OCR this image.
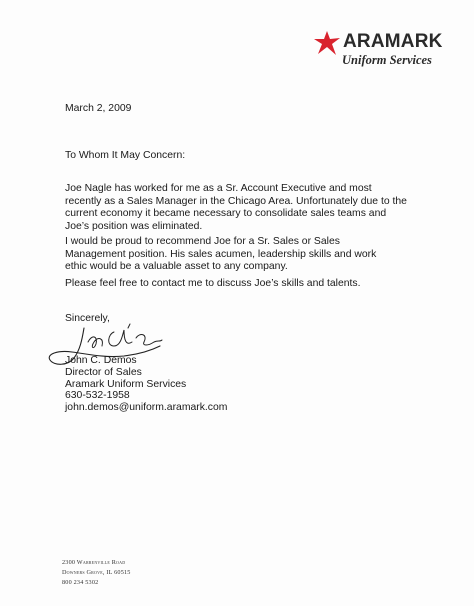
ARAMARK
Uniform Services
March 2, 2009
To Whom It May Concern:
Joe Nagle has worked for me as a Sr. Account Executive and most recently as a Sales Manager in the Chicago Area. Unfortunately due to the current economy it became necessary to consolidate sales teams and Joe’s position was eliminated.
I would be proud to recommend Joe for a Sr. Sales or Sales Management position. His sales acumen, leadership skills and work ethic would be a valuable asset to any company.
Please feel free to contact me to discuss Joe’s skills and talents.
Sincerely,
John C. Demos
Director of Sales
Aramark Uniform Services
630-532-1958
john.demos@uniform.aramark.com
2300 Warrenville Road
Downers Grove, IL 60515
800 234 5302
